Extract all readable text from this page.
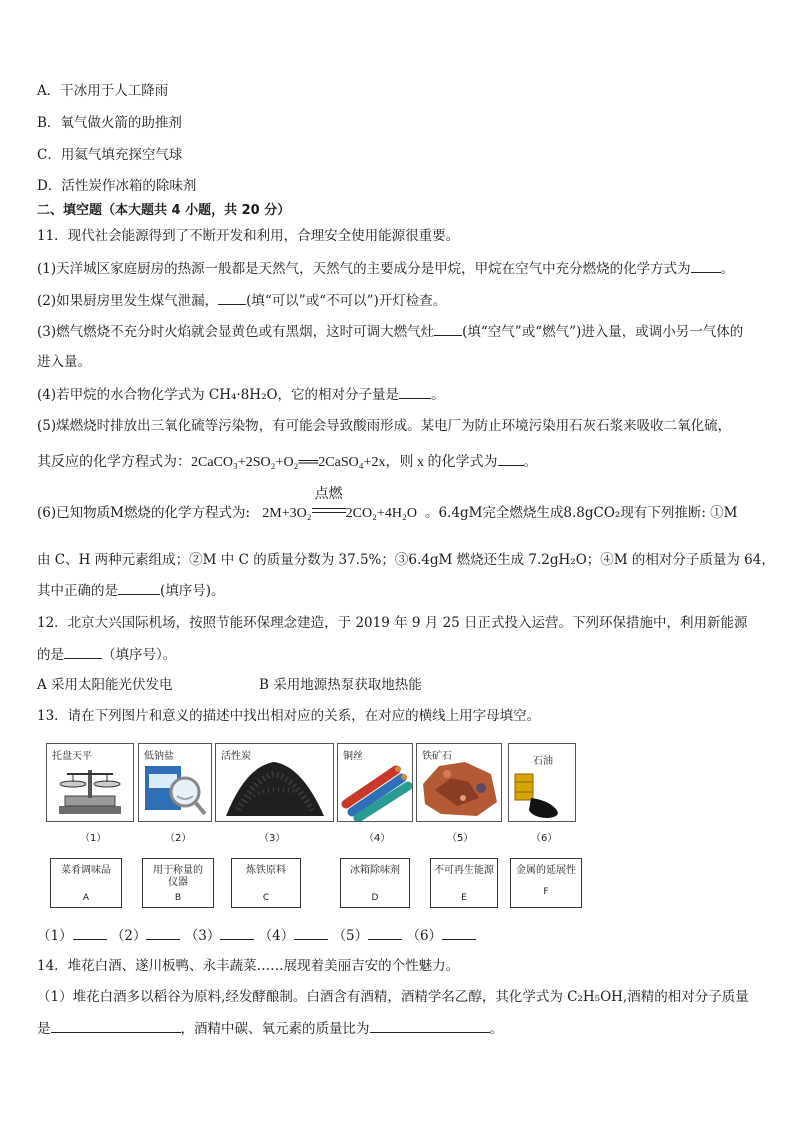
A．干冰用于人工降雨
B．氧气做火箭的助推剂
C．用氦气填充探空气球
D．活性炭作冰箱的除味剂
二、填空题（本大题共 4 小题，共 20 分）
11．现代社会能源得到了不断开发和利用，合理安全使用能源很重要。
(1)天洋城区家庭厨房的热源一般都是天然气，天然气的主要成分是甲烷，甲烷在空气中充分燃烧的化学方式为 。
(2)如果厨房里发生煤气泄漏， (填“可以”或“不可以”)开灯检查。
(3)燃气燃烧不充分时火焰就会显黄色或有黑烟，这时可调大燃气灶 (填“空气”或“燃气”)进入量，或调小另一气体的
进入量。
(4)若甲烷的水合物化学式为 CH₄·8H₂O，它的相对分子量是 。
(5)煤燃烧时排放出三氧化硫等污染物，有可能会导致酸雨形成。某电厂为防止环境污染用石灰石浆来吸收二氧化硫，
其反应的化学方程式为：2CaCO₃+2SO₂+O₂══2CaSO₄+2x，则 x 的化学式为 。
(6)已知物质M燃烧的化学方程式为: 2M+3O₂
点燃
2CO₂+4H₂O 。6.4gM完全燃烧生成8.8gCO₂现有下列推断: ①M
由 C、H 两种元素组成；②M 中 C 的质量分数为 37.5%；③6.4gM 燃烧还生成 7.2gH₂O；④M 的相对分子质量为 64，
其中正确的是	(填序号)。
12．北京大兴国际机场，按照节能环保理念建造，于 2019 年 9 月 25 日正式投入运营。下列环保措施中，利用新能源
的是	（填序号）。
A 采用太阳能光伏发电	B 采用地源热泵获取地热能
13．请在下列图片和意义的描述中找出相对应的关系，在对应的横线上用字母填空。
托盘天平	低钠盐	活性炭	铜丝	铁矿石	石油
（1）	（2）	（3）	（4）	（5）	（6）
菜肴调味品
A
用于称量的仪器
B
炼铁原料
C
冰箱除味剂
D
不可再生能源
E
金属的延展性
F
（1）	（2）	（3）	（4）	（5）	（6）
14．堆花白酒、遂川板鸭、永丰蔬菜……展现着美丽吉安的个性魅力。
（1）堆花白酒多以稻谷为原料,经发酵酿制。白酒含有酒精，酒精学名乙醇，其化学式为 C₂H₅OH,酒精的相对分子质量
是	，酒精中碳、氧元素的质量比为	。
